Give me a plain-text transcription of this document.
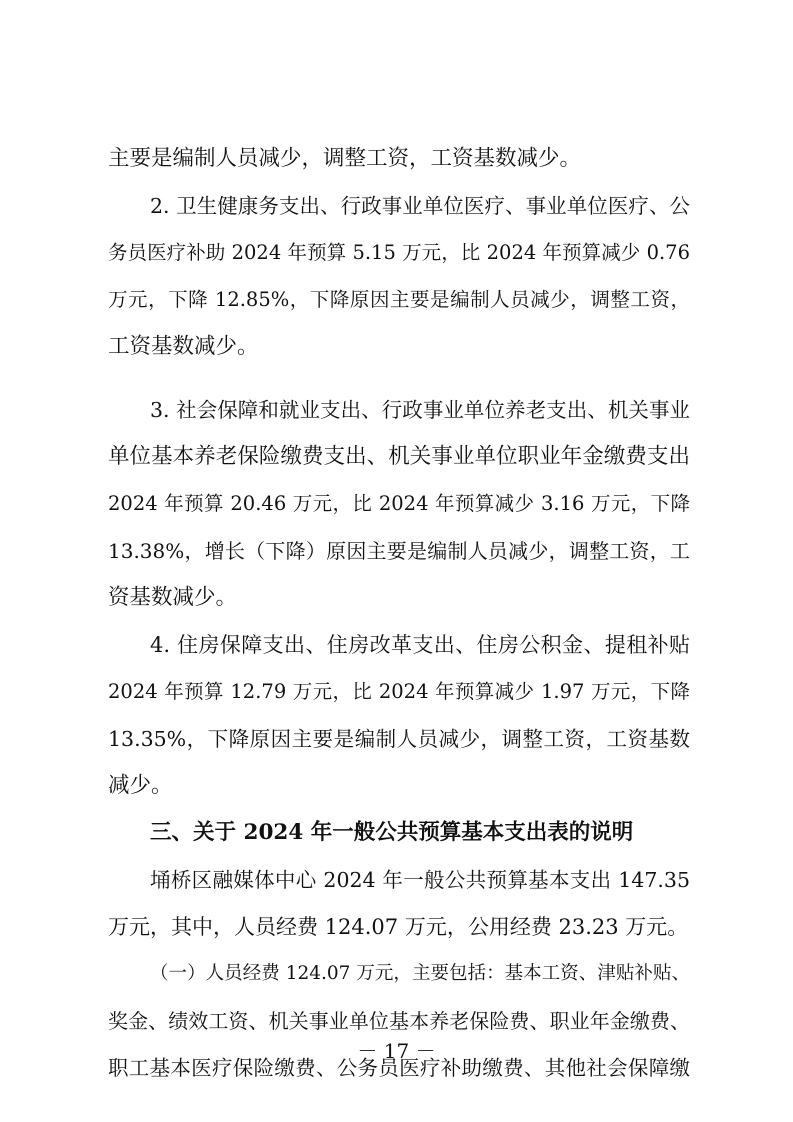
主要是编制人员减少，调整工资，工资基数减少。
2. 卫生健康务支出、行政事业单位医疗、事业单位医疗、公
务员医疗补助 2024 年预算 5.15 万元，比 2024 年预算减少 0.76
万元，下降 12.85%，下降原因主要是编制人员减少，调整工资，
工资基数减少。
3. 社会保障和就业支出、行政事业单位养老支出、机关事业
单位基本养老保险缴费支出、机关事业单位职业年金缴费支出
2024 年预算 20.46 万元，比 2024 年预算减少 3.16 万元，下降
13.38%，增长（下降）原因主要是编制人员减少，调整工资，工
资基数减少。
4. 住房保障支出、住房改革支出、住房公积金、提租补贴
2024 年预算 12.79 万元，比 2024 年预算减少 1.97 万元，下降
13.35%，下降原因主要是编制人员减少，调整工资，工资基数
减少。
三、关于 2024 年一般公共预算基本支出表的说明
埇桥区融媒体中心 2024 年一般公共预算基本支出 147.35
万元，其中，人员经费 124.07 万元，公用经费 23.23 万元。
（一）人员经费 124.07 万元，主要包括：基本工资、津贴补贴、
奖金、绩效工资、机关事业单位基本养老保险费、职业年金缴费、
职工基本医疗保险缴费、公务员医疗补助缴费、其他社会保障缴
－ 17 －
